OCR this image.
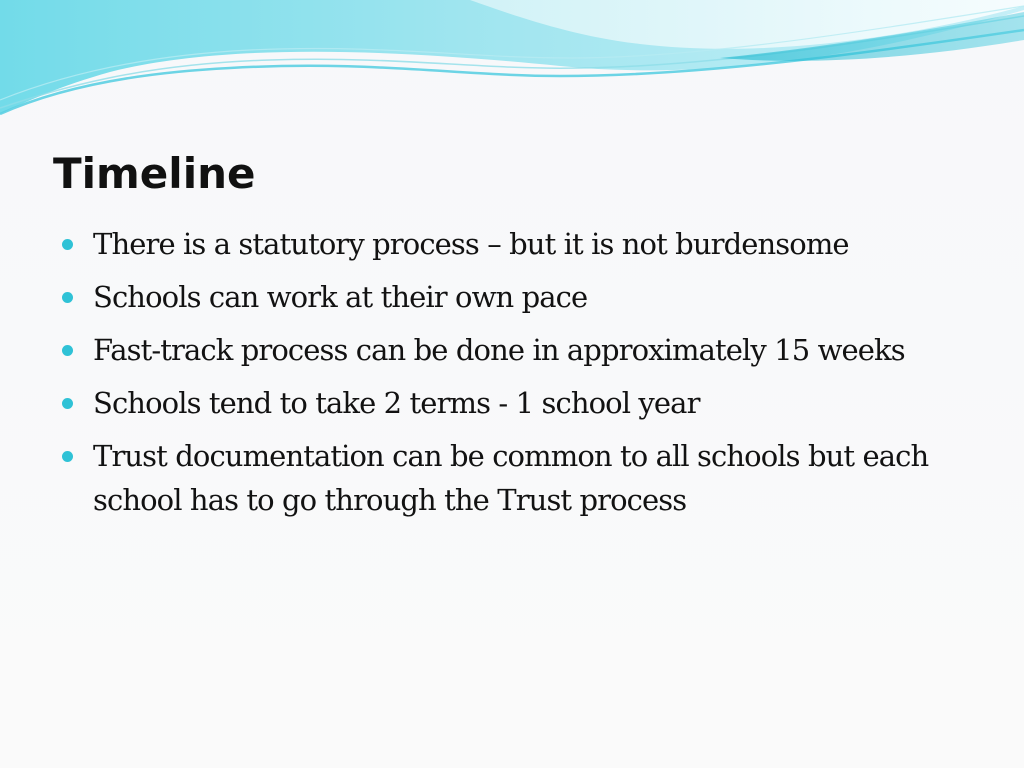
Timeline
There is a statutory process – but it is not burdensome
Schools can work at their own pace
Fast-track process can be done in approximately 15 weeks
Schools tend to take 2 terms - 1 school year
Trust documentation can be common to all schools but each school has to go through the Trust process
